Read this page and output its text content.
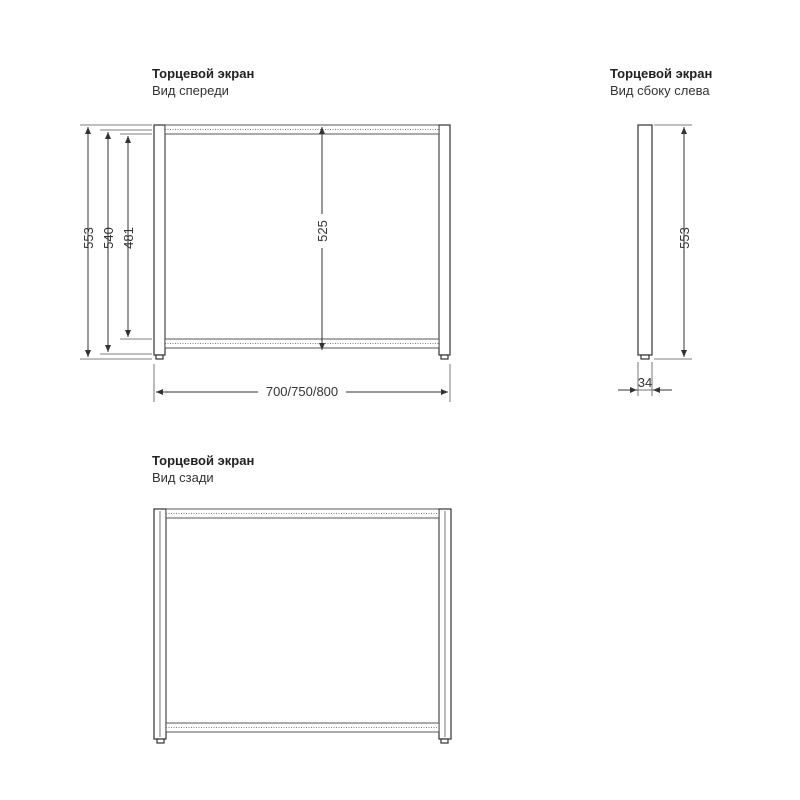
Торцевой экран
Вид спереди
553 540 481	525
700/750/800
Торцевой экран
Вид сбоку слева
553
34
Торцевой экран
Вид сзади
